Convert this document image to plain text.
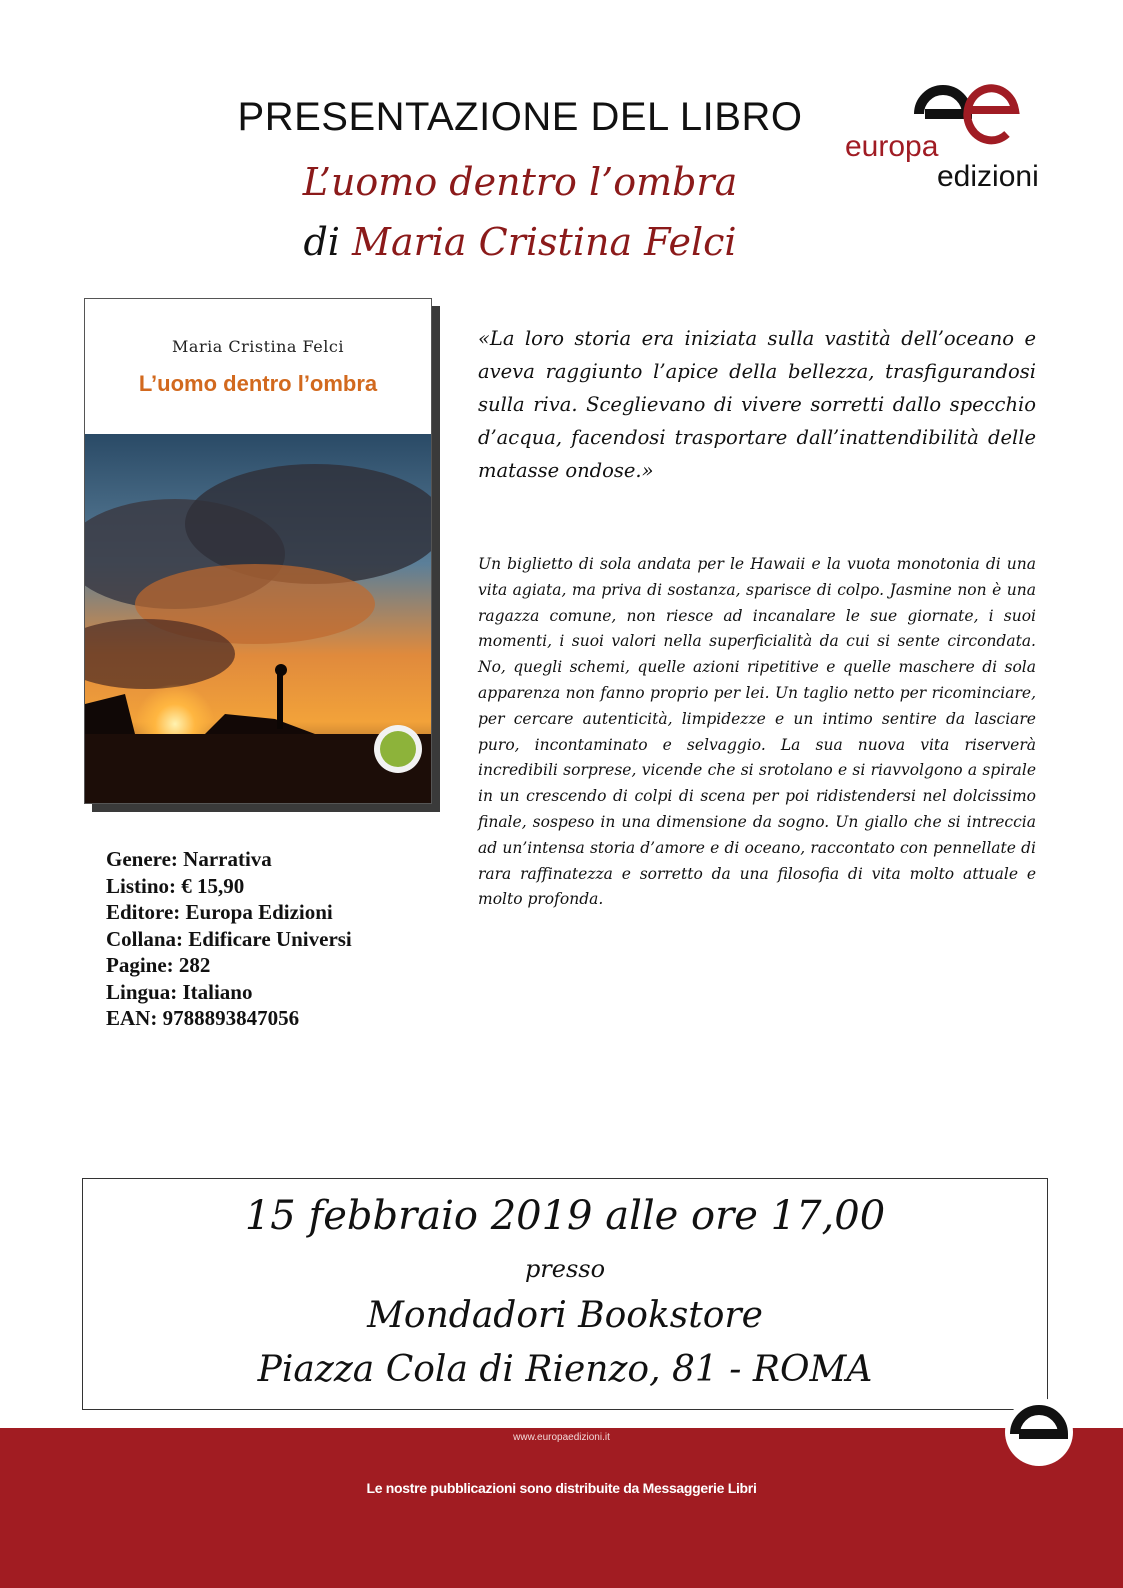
PRESENTAZIONE DEL LIBRO
L’uomo dentro l’ombra
di Maria Cristina Felci
europa
edizioni
Maria Cristina Felci
L’uomo dentro l’ombra
Genere: Narrativa
Listino: € 15,90
Editore: Europa Edizioni
Collana: Edificare Universi
Pagine: 282
Lingua: Italiano
EAN: 9788893847056
«La loro storia era iniziata sulla vastità dell’oceano e aveva raggiunto l’apice della bellezza, trasfigurandosi sulla riva. Sceglievano di vivere sorretti dallo specchio d’acqua, facendosi trasportare dall’inattendibilità delle matasse ondose.»
Un biglietto di sola andata per le Hawaii e la vuota monotonia di una vita agiata, ma priva di sostanza, sparisce di colpo. Jasmine non è una ragazza comune, non riesce ad incanalare le sue giornate, i suoi momenti, i suoi valori nella superficialità da cui si sente circondata. No, quegli schemi, quelle azioni ripetitive e quelle maschere di sola apparenza non fanno proprio per lei. Un taglio netto per ricominciare, per cercare autenticità, limpidezze e un intimo sentire da lasciare puro, incontaminato e selvaggio. La sua nuova vita riserverà incredibili sorprese, vicende che si srotolano e si riavvolgono a spirale in un crescendo di colpi di scena per poi ridistendersi nel dolcissimo finale, sospeso in una dimensione da sogno. Un giallo che si intreccia ad un’intensa storia d’amore e di oceano, raccontato con pennellate di rara raffinatezza e sorretto da una filosofia di vita molto attuale e molto profonda.
15 febbraio 2019 alle ore 17,00
presso
Mondadori Bookstore
Piazza Cola di Rienzo, 81 - ROMA
www.europaedizioni.it
Le nostre pubblicazioni sono distribuite da Messaggerie Libri
